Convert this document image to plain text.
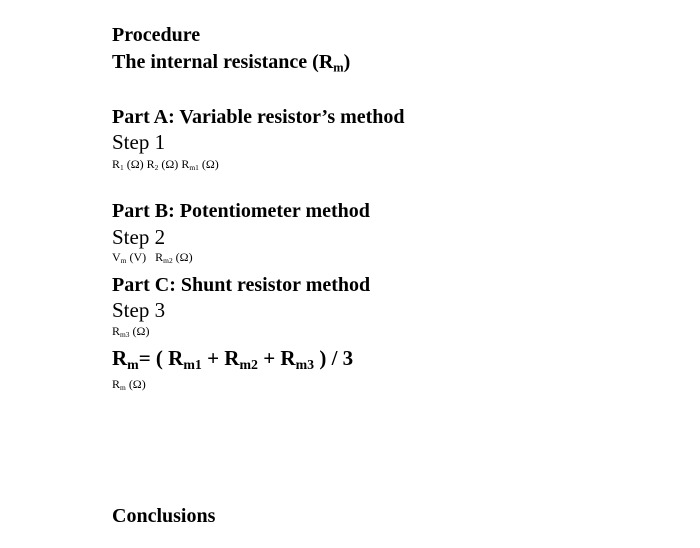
Procedure
The internal resistance $(R_m)$
Part A: Variable resistor’s method
Step 1
$R_1$ (Ω) $R_2$ (Ω) $R_{m1}$ (Ω)
Part B: Potentiometer method
Step 2
$V_m$ (V) $R_{m2}$ (Ω)
Part C: Shunt resistor method
Step 3
$R_{m3}$ (Ω)
$R_m=$ ( $R_{m1} + R_{m2} + R_{m3}$ ) / 3
$R_m$ (Ω)
Conclusions
